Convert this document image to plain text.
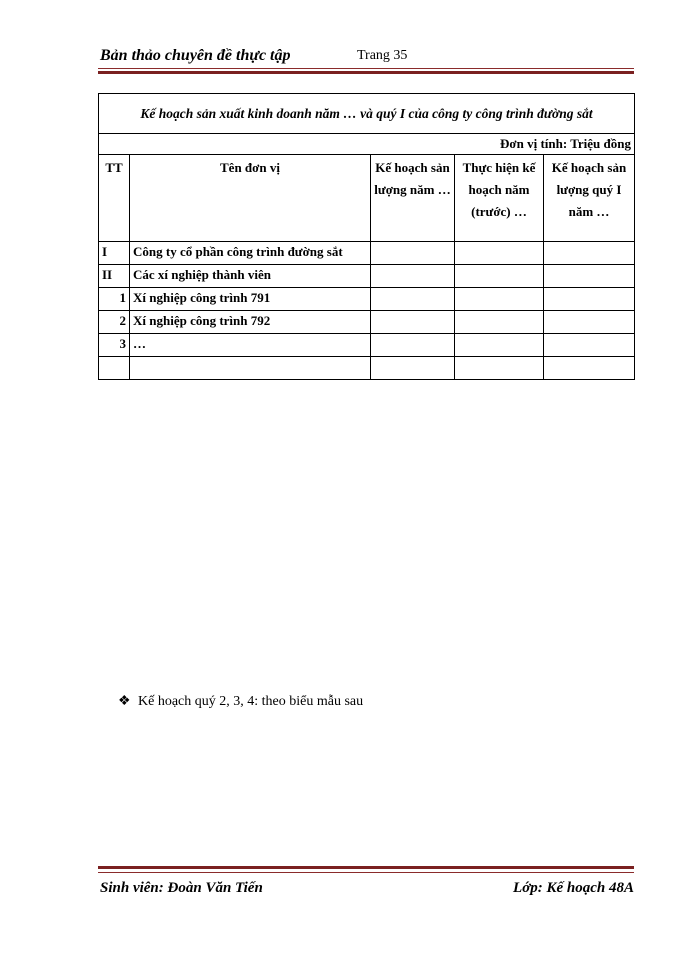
Bản thảo chuyên đề thực tập	Trang 35
Kế hoạch sản xuất kinh doanh năm … và quý I của công ty công trình đường sắt				
Đơn vị tính: Triệu đồng				
TT	Tên đơn vị	Kế hoạch sản lượng năm …	Thực hiện kế hoạch năm (trước) …	Kế hoạch sản lượng quý I năm …
I	Công ty cổ phần công trình đường sắt			
II	Các xí nghiệp thành viên			
1	Xí nghiệp công trình 791			
2	Xí nghiệp công trình 792			
3	…			

❖ Kế hoạch quý 2, 3, 4: theo biểu mẫu sau
Sinh viên: Đoàn Văn Tiến	Lớp: Kế hoạch 48A
